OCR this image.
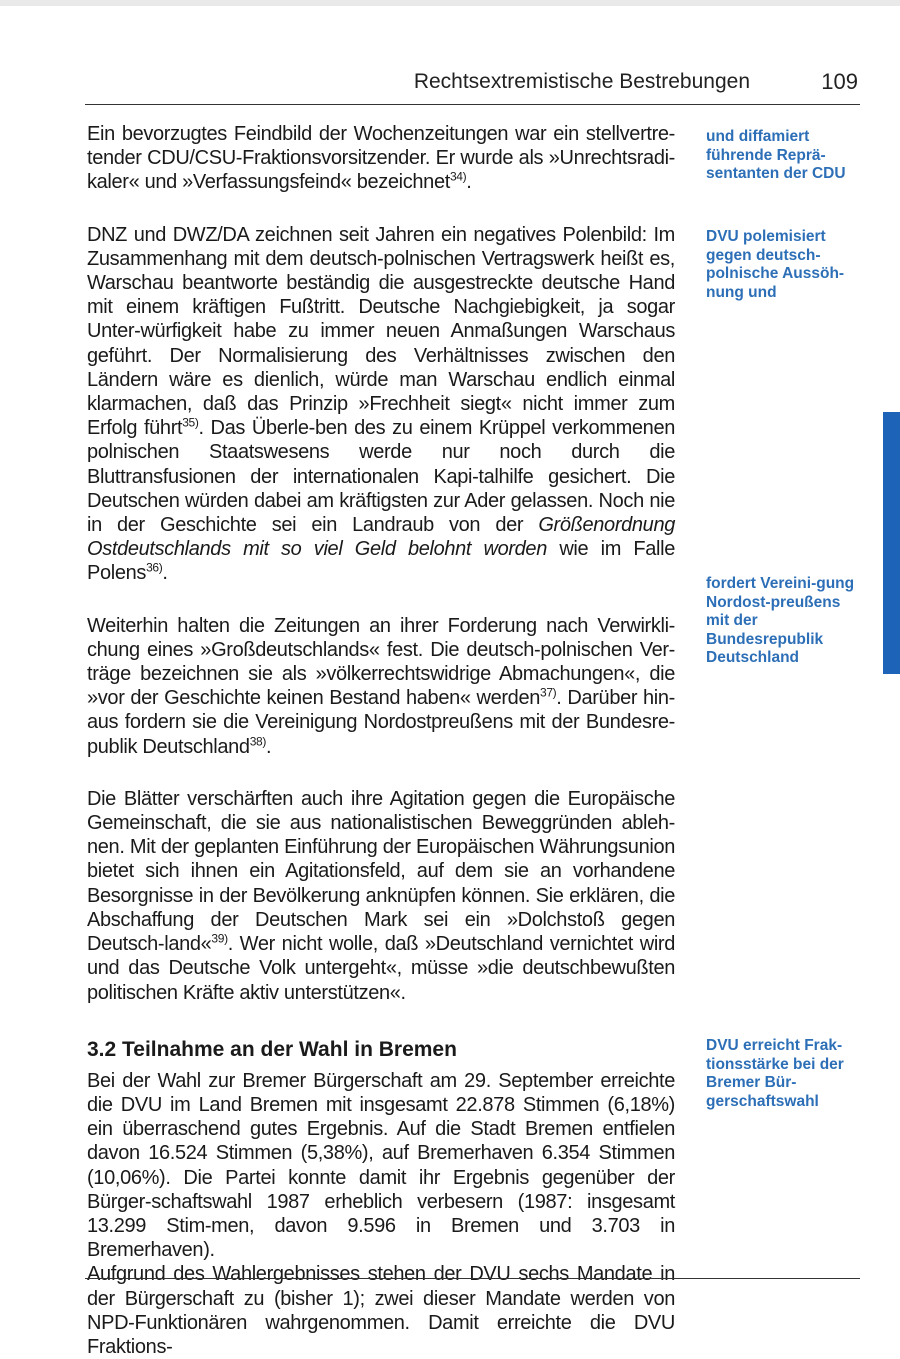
Rechtsextremistische Bestrebungen	109

Ein bevorzugtes Feindbild der Wochenzeitungen war ein stellvertre-tender CDU/CSU-Fraktionsvorsitzender. Er wurde als »Unrechtsradi-kaler« und »Verfassungsfeind« bezeichnet$^{34)}$.

DNZ und DWZ/DA zeichnen seit Jahren ein negatives Polenbild: Im Zusammenhang mit dem deutsch-polnischen Vertragswerk heißt es, Warschau beantworte beständig die ausgestreckte deutsche Hand mit einem kräftigen Fußtritt. Deutsche Nachgiebigkeit, ja sogar Unter-würfigkeit habe zu immer neuen Anmaßungen Warschaus geführt. Der Normalisierung des Verhältnisses zwischen den Ländern wäre es dienlich, würde man Warschau endlich einmal klarmachen, daß das Prinzip »Frechheit siegt« nicht immer zum Erfolg führt$^{35)}$. Das Überle-ben des zu einem Krüppel verkommenen polnischen Staatswesens werde nur noch durch die Bluttransfusionen der internationalen Kapi-talhilfe gesichert. Die Deutschen würden dabei am kräftigsten zur Ader gelassen. Noch nie in der Geschichte sei ein Landraub von der Größenordnung Ostdeutschlands mit so viel Geld belohnt worden wie im Falle Polens$^{36)}$.

Weiterhin halten die Zeitungen an ihrer Forderung nach Verwirkli-chung eines »Großdeutschlands« fest. Die deutsch-polnischen Ver-träge bezeichnen sie als »völkerrechtswidrige Abmachungen«, die »vor der Geschichte keinen Bestand haben« werden$^{37)}$. Darüber hin-aus fordern sie die Vereinigung Nordostpreußens mit der Bundesre-publik Deutschland$^{38)}$.

Die Blätter verschärften auch ihre Agitation gegen die Europäische Gemeinschaft, die sie aus nationalistischen Beweggründen ableh-nen. Mit der geplanten Einführung der Europäischen Währungsunion bietet sich ihnen ein Agitationsfeld, auf dem sie an vorhandene Besorgnisse in der Bevölkerung anknüpfen können. Sie erklären, die Abschaffung der Deutschen Mark sei ein »Dolchstoß gegen Deutsch-land«$^{39)}$. Wer nicht wolle, daß »Deutschland vernichtet wird und das Deutsche Volk untergeht«, müsse »die deutschbewußten politischen Kräfte aktiv unterstützen«.

3.2 Teilnahme an der Wahl in Bremen

Bei der Wahl zur Bremer Bürgerschaft am 29. September erreichte die DVU im Land Bremen mit insgesamt 22.878 Stimmen (6,18%) ein überraschend gutes Ergebnis. Auf die Stadt Bremen entfielen davon 16.524 Stimmen (5,38%), auf Bremerhaven 6.354 Stimmen (10,06%). Die Partei konnte damit ihr Ergebnis gegenüber der Bürger-schaftswahl 1987 erheblich verbesern (1987: insgesamt 13.299 Stim-men, davon 9.596 in Bremen und 3.703 in Bremerhaven).

Aufgrund des Wahlergebnisses stehen der DVU sechs Mandate in der Bürgerschaft zu (bisher 1); zwei dieser Mandate werden von NPD-Funktionären wahrgenommen. Damit erreichte die DVU Fraktions-

und diffamiert führende Reprä-sentanten der CDU

DVU polemisiert gegen deutsch-polnische Aussöh-nung und

fordert Vereini-gung Nordost-preußens mit der Bundesrepublik Deutschland

DVU erreicht Frak-tionsstärke bei der Bremer Bür-gerschaftswahl
